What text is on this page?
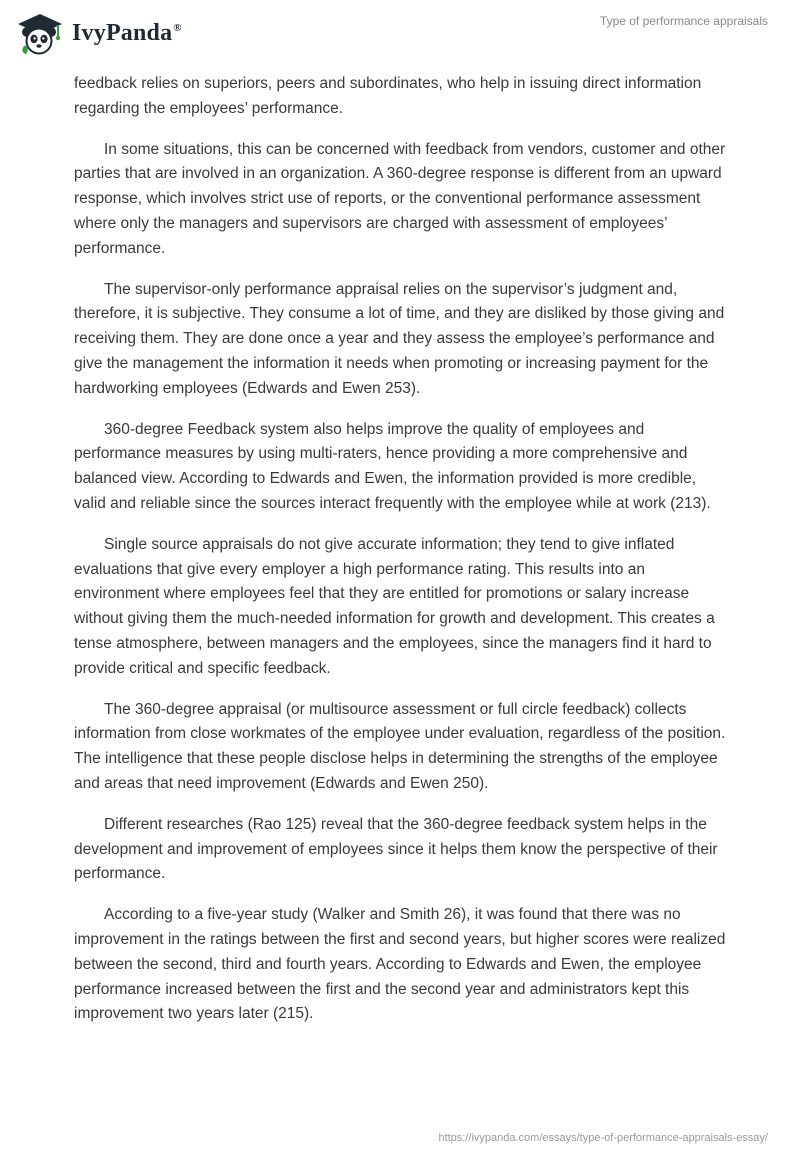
IvyPanda®	Type of performance appraisals

feedback relies on superiors, peers and subordinates, who help in issuing direct information regarding the employees’ performance.

In some situations, this can be concerned with feedback from vendors, customer and other parties that are involved in an organization. A 360-degree response is different from an upward response, which involves strict use of reports, or the conventional performance assessment where only the managers and supervisors are charged with assessment of employees’ performance.

The supervisor-only performance appraisal relies on the supervisor’s judgment and, therefore, it is subjective. They consume a lot of time, and they are disliked by those giving and receiving them. They are done once a year and they assess the employee’s performance and give the management the information it needs when promoting or increasing payment for the hardworking employees (Edwards and Ewen 253).

360-degree Feedback system also helps improve the quality of employees and performance measures by using multi-raters, hence providing a more comprehensive and balanced view. According to Edwards and Ewen, the information provided is more credible, valid and reliable since the sources interact frequently with the employee while at work (213).

Single source appraisals do not give accurate information; they tend to give inflated evaluations that give every employer a high performance rating. This results into an environment where employees feel that they are entitled for promotions or salary increase without giving them the much-needed information for growth and development. This creates a tense atmosphere, between managers and the employees, since the managers find it hard to provide critical and specific feedback.

The 360-degree appraisal (or multisource assessment or full circle feedback) collects information from close workmates of the employee under evaluation, regardless of the position. The intelligence that these people disclose helps in determining the strengths of the employee and areas that need improvement (Edwards and Ewen 250).

Different researches (Rao 125) reveal that the 360-degree feedback system helps in the development and improvement of employees since it helps them know the perspective of their performance.

According to a five-year study (Walker and Smith 26), it was found that there was no improvement in the ratings between the first and second years, but higher scores were realized between the second, third and fourth years. According to Edwards and Ewen, the employee performance increased between the first and the second year and administrators kept this improvement two years later (215).

https://ivypanda.com/essays/type-of-performance-appraisals-essay/
